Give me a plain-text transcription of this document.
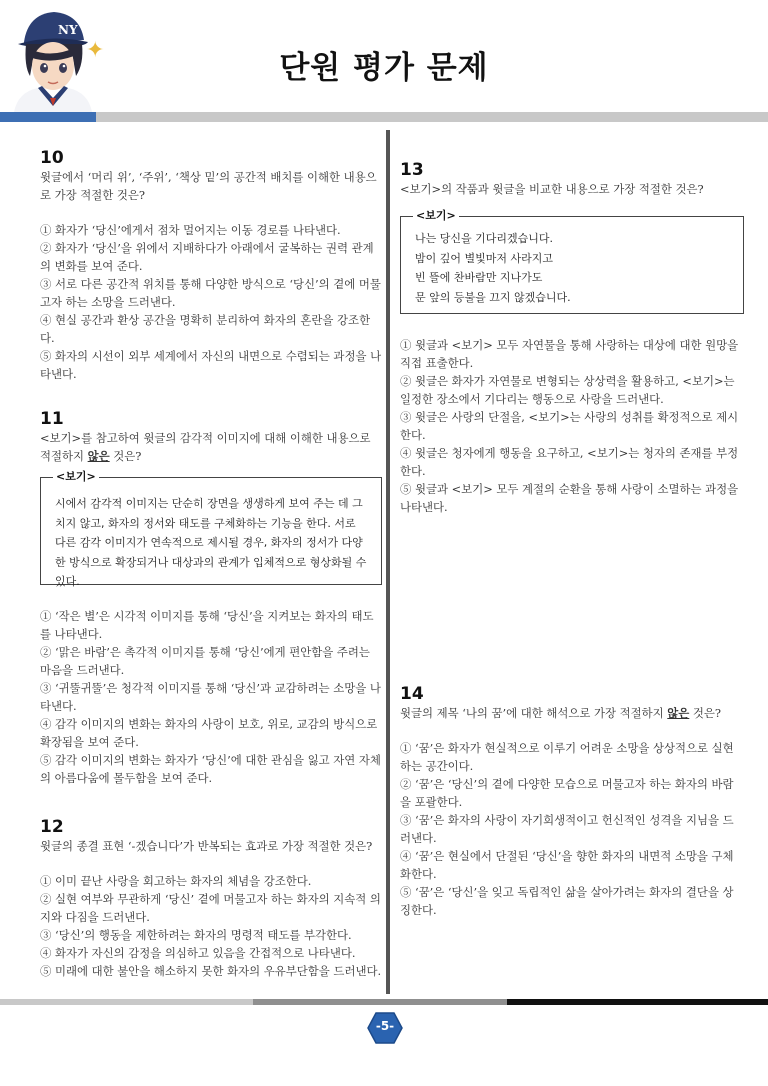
NY
✦	단원 평가 문제

10

윗글에서 ‘머리 위’, ‘주위’, ‘책상 밑’의 공간적 배치를 이해한 내용으로 가장 적절한 것은?

① 화자가 ‘당신’에게서 점차 멀어지는 이동 경로를 나타낸다.

② 화자가 ‘당신’을 위에서 지배하다가 아래에서 굴복하는 권력 관계의 변화를 보여 준다.

③ 서로 다른 공간적 위치를 통해 다양한 방식으로 ‘당신’의 곁에 머물고자 하는 소망을 드러낸다.

④ 현실 공간과 환상 공간을 명확히 분리하여 화자의 혼란을 강조한다.

⑤ 화자의 시선이 외부 세계에서 자신의 내면으로 수렴되는 과정을 나타낸다.

11

<보기>를 참고하여 윗글의 감각적 이미지에 대해 이해한 내용으로 적절하지 않은 것은?

<보기>
시에서 감각적 이미지는 단순히 장면을 생생하게 보여 주는 데 그치지 않고, 화자의 정서와 태도를 구체화하는 기능을 한다. 서로 다른 감각 이미지가 연속적으로 제시될 경우, 화자의 정서가 다양한 방식으로 확장되거나 대상과의 관계가 입체적으로 형상화될 수 있다.

① ‘작은 별’은 시각적 이미지를 통해 ‘당신’을 지켜보는 화자의 태도를 나타낸다.

② ‘맑은 바람’은 촉각적 이미지를 통해 ‘당신’에게 편안함을 주려는 마음을 드러낸다.

③ ‘귀뚤귀뚤’은 청각적 이미지를 통해 ‘당신’과 교감하려는 소망을 나타낸다.

④ 감각 이미지의 변화는 화자의 사랑이 보호, 위로, 교감의 방식으로 확장됨을 보여 준다.

⑤ 감각 이미지의 변화는 화자가 ‘당신’에 대한 관심을 잃고 자연 자체의 아름다움에 몰두함을 보여 준다.

12

윗글의 종결 표현 ‘-겠습니다’가 반복되는 효과로 가장 적절한 것은?

① 이미 끝난 사랑을 회고하는 화자의 체념을 강조한다.

② 실현 여부와 무관하게 ‘당신’ 곁에 머물고자 하는 화자의 지속적 의지와 다짐을 드러낸다.

③ ‘당신’의 행동을 제한하려는 화자의 명령적 태도를 부각한다.

④ 화자가 자신의 감정을 의심하고 있음을 간접적으로 나타낸다.

⑤ 미래에 대한 불안을 해소하지 못한 화자의 우유부단함을 드러낸다.

13

<보기>의 작품과 윗글을 비교한 내용으로 가장 적절한 것은?

<보기>
나는 당신을 기다리겠습니다.
밤이 깊어 별빛마저 사라지고
빈 뜰에 찬바람만 지나가도
문 앞의 등불을 끄지 않겠습니다.

① 윗글과 <보기> 모두 자연물을 통해 사랑하는 대상에 대한 원망을 직접 표출한다.

② 윗글은 화자가 자연물로 변형되는 상상력을 활용하고, <보기>는 일정한 장소에서 기다리는 행동으로 사랑을 드러낸다.

③ 윗글은 사랑의 단절을, <보기>는 사랑의 성취를 확정적으로 제시한다.

④ 윗글은 청자에게 행동을 요구하고, <보기>는 청자의 존재를 부정한다.

⑤ 윗글과 <보기> 모두 계절의 순환을 통해 사랑이 소멸하는 과정을 나타낸다.

14

윗글의 제목 ‘나의 꿈’에 대한 해석으로 가장 적절하지 않은 것은?

① ‘꿈’은 화자가 현실적으로 이루기 어려운 소망을 상상적으로 실현하는 공간이다.

② ‘꿈’은 ‘당신’의 곁에 다양한 모습으로 머물고자 하는 화자의 바람을 포괄한다.

③ ‘꿈’은 화자의 사랑이 자기희생적이고 헌신적인 성격을 지님을 드러낸다.

④ ‘꿈’은 현실에서 단절된 ‘당신’을 향한 화자의 내면적 소망을 구체화한다.

⑤ ‘꿈’은 ‘당신’을 잊고 독립적인 삶을 살아가려는 화자의 결단을 상징한다.

-5-
